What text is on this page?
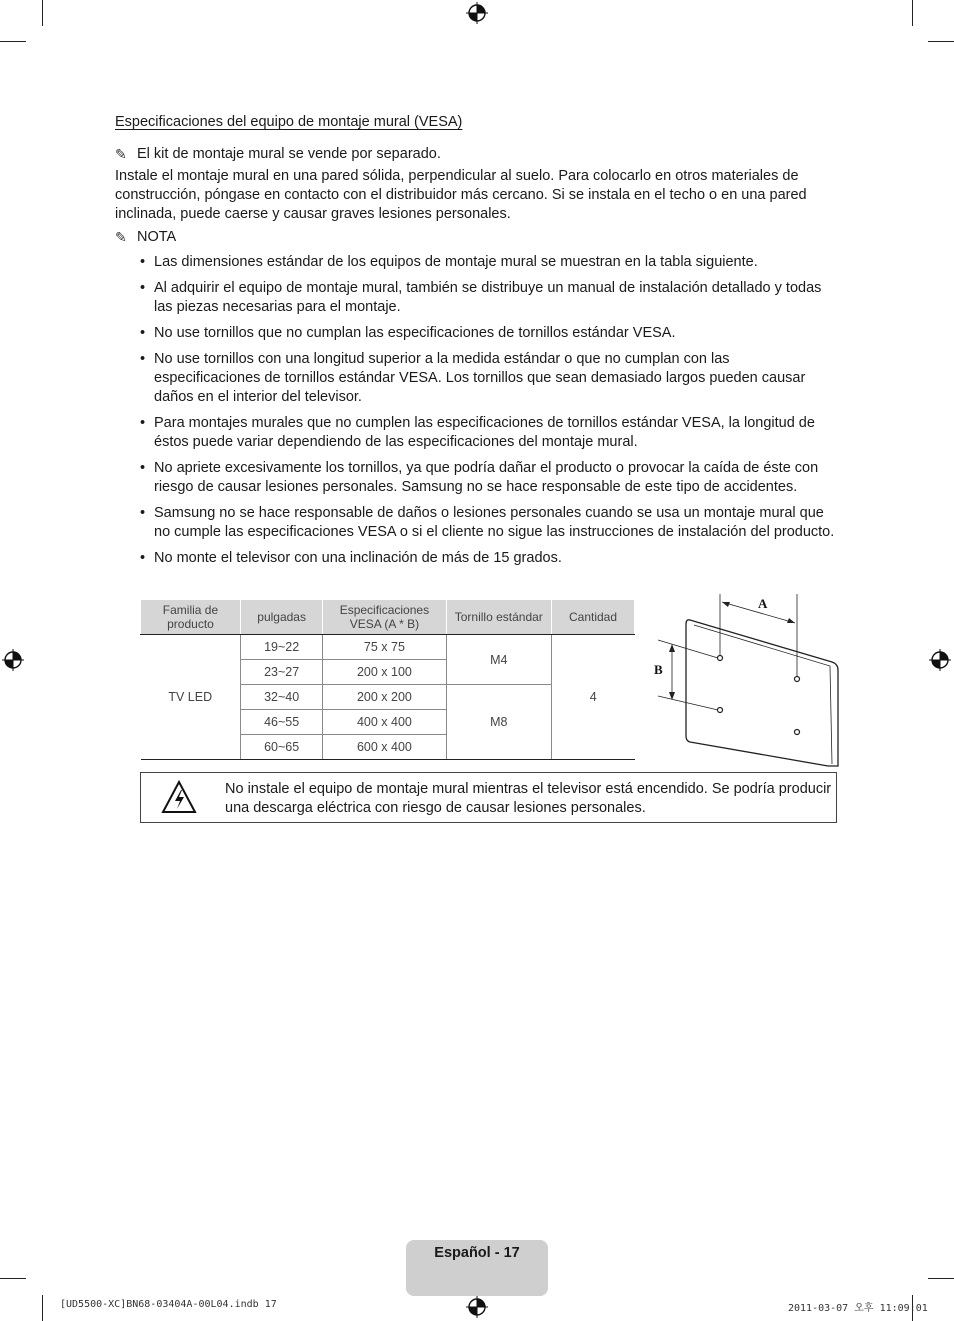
Especificaciones del equipo de montaje mural (VESA)
✎ El kit de montaje mural se vende por separado.

Instale el montaje mural en una pared sólida, perpendicular al suelo. Para colocarlo en otros materiales de construcción, póngase en contacto con el distribuidor más cercano. Si se instala en el techo o en una pared inclinada, puede caerse y causar graves lesiones personales.

✎ NOTA
• Las dimensiones estándar de los equipos de montaje mural se muestran en la tabla siguiente.
• Al adquirir el equipo de montaje mural, también se distribuye un manual de instalación detallado y todas las piezas necesarias para el montaje.
• No use tornillos que no cumplan las especificaciones de tornillos estándar VESA.
• No use tornillos con una longitud superior a la medida estándar o que no cumplan con las especificaciones de tornillos estándar VESA. Los tornillos que sean demasiado largos pueden causar daños en el interior del televisor.
• Para montajes murales que no cumplen las especificaciones de tornillos estándar VESA, la longitud de éstos puede variar dependiendo de las especificaciones del montaje mural.
• No apriete excesivamente los tornillos, ya que podría dañar el producto o provocar la caída de éste con riesgo de causar lesiones personales. Samsung no se hace responsable de este tipo de accidentes.
• Samsung no se hace responsable de daños o lesiones personales cuando se usa un montaje mural que no cumple las especificaciones VESA o si el cliente no sigue las instrucciones de instalación del producto.
• No monte el televisor con una inclinación de más de 15 grados.
Familia de producto	pulgadas	Especificaciones VESA (A * B)	Tornillo estándar	Cantidad
TV LED	19~22	75 x 75	M4	4
	23~27	200 x 100		
	32~40	200 x 200	M8	
	46~55	400 x 400		
	60~65	600 x 400		
A
B
No instale el equipo de montaje mural mientras el televisor está encendido. Se podría producir una descarga eléctrica con riesgo de causar lesiones personales.
Español - 17
[UD5500-XC]BN68-03404A-00L04.indb 17	2011-03-07 오후 11:09:01
